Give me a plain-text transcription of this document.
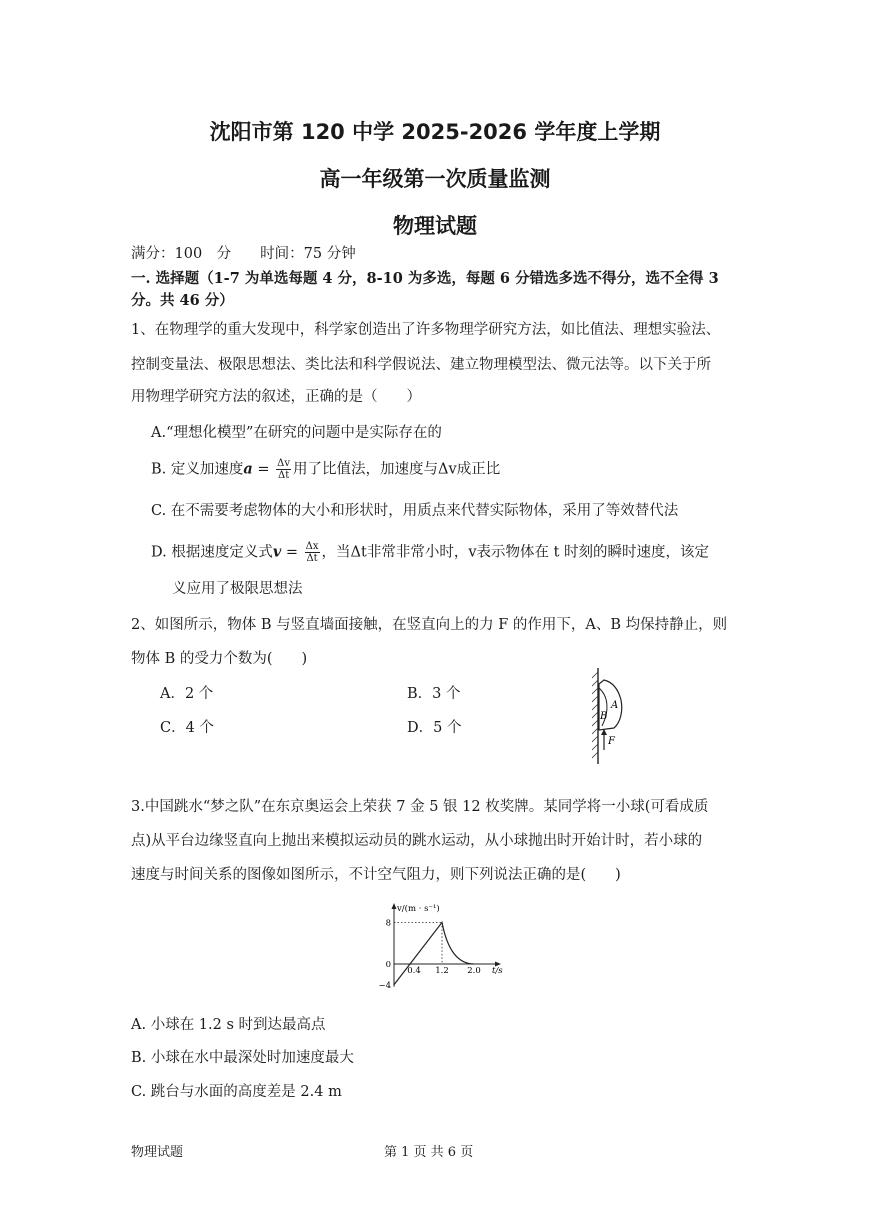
沈阳市第 120 中学 2025-2026 学年度上学期
高一年级第一次质量监测
物理试题
满分：100　分　　时间：75 分钟
一. 选择题（1-7 为单选每题 4 分，8-10 为多选，每题 6 分错选多选不得分，选不全得 3
分。共 46 分）
1、在物理学的重大发现中，科学家创造出了许多物理学研究方法，如比值法、理想实验法、
控制变量法、极限思想法、类比法和科学假说法、建立物理模型法、微元法等。以下关于所
用物理学研究方法的叙述，正确的是（　　）
A.“理想化模型”在研究的问题中是实际存在的
B. 定义加速度$a = \frac{\Delta v}{\Delta t}$ 用了比值法，加速度与Δv成正比
C. 在不需要考虑物体的大小和形状时，用质点来代替实际物体，采用了等效替代法
D. 根据速度定义式$v = \frac{\Delta x}{\Delta t}$ ，当Δt非常非常小时，v表示物体在 t 时刻的瞬时速度，该定
义应用了极限思想法
2、如图所示，物体 B 与竖直墙面接触，在竖直向上的力 F 的作用下，A、B 均保持静止，则
物体 B 的受力个数为(　　)
A．2 个	B．3 个
C．4 个	D．5 个
A
B
F
3.中国跳水“梦之队”在东京奥运会上荣获 7 金 5 银 12 枚奖牌。某同学将一小球(可看成质
点)从平台边缘竖直向上抛出来模拟运动员的跳水运动，从小球抛出时开始计时，若小球的
速度与时间关系的图像如图所示，不计空气阻力，则下列说法正确的是(　　)
v/(m · s⁻¹)
t/s
8
0
−4
0.4 1.2 2.0
A. 小球在 1.2 s 时到达最高点
B. 小球在水中最深处时加速度最大
C. 跳台与水面的高度差是 2.4 m
物理试题	第 1 页 共 6 页
